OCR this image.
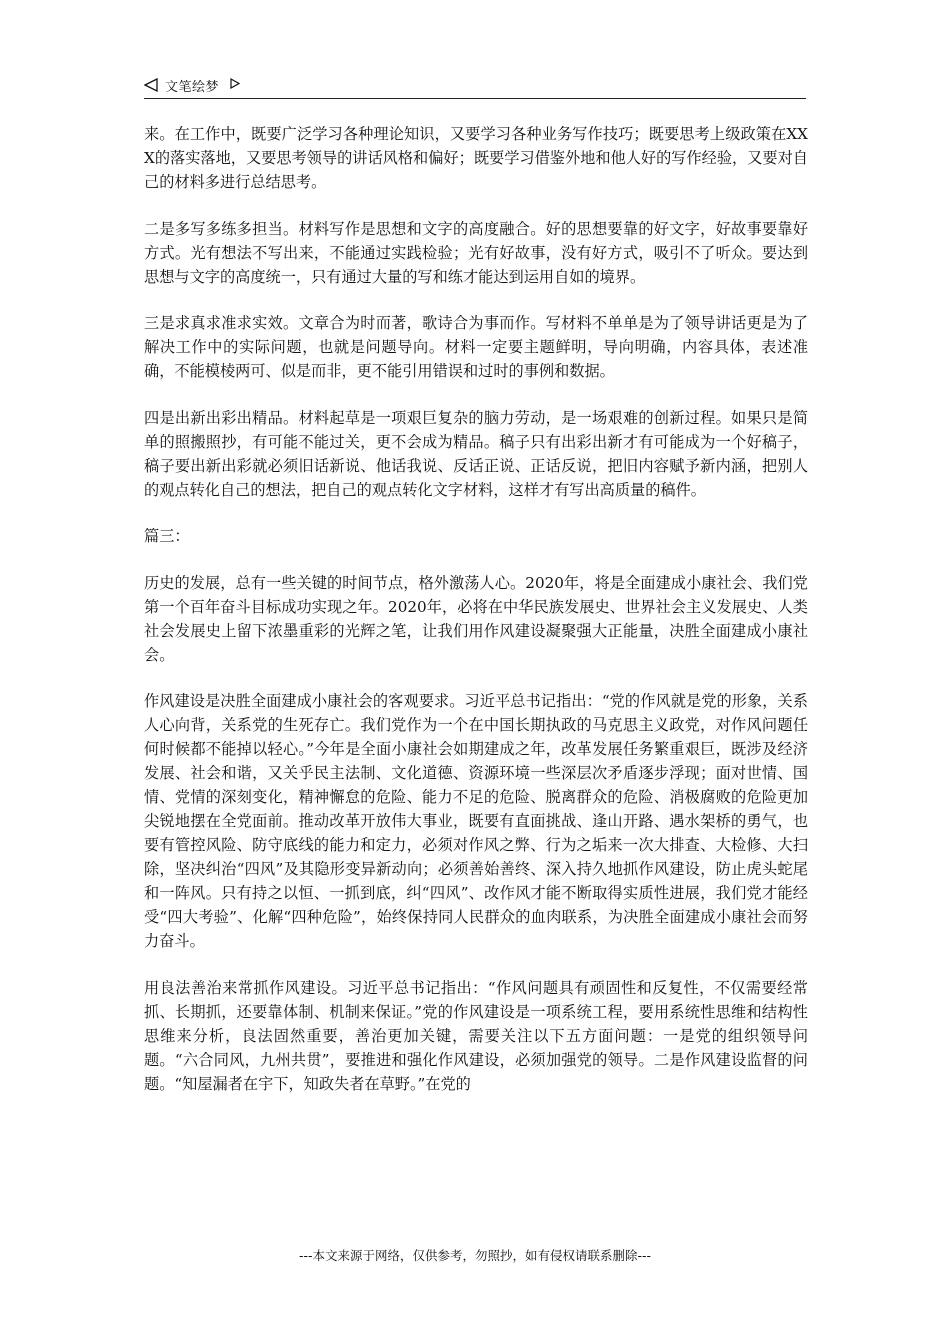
文笔绘梦

来。在工作中，既要广泛学习各种理论知识，又要学习各种业务写作技巧；既要思考上级政策在XXX的落实落地，又要思考领导的讲话风格和偏好；既要学习借鉴外地和他人好的写作经验，又要对自己的材料多进行总结思考。

二是多写多练多担当。材料写作是思想和文字的高度融合。好的思想要靠的好文字，好故事要靠好方式。光有想法不写出来，不能通过实践检验；光有好故事，没有好方式，吸引不了听众。要达到思想与文字的高度统一，只有通过大量的写和练才能达到运用自如的境界。

三是求真求准求实效。文章合为时而著，歌诗合为事而作。写材料不单单是为了领导讲话更是为了解决工作中的实际问题，也就是问题导向。材料一定要主题鲜明，导向明确，内容具体，表述准确，不能模棱两可、似是而非，更不能引用错误和过时的事例和数据。

四是出新出彩出精品。材料起草是一项艰巨复杂的脑力劳动，是一场艰难的创新过程。如果只是简单的照搬照抄，有可能不能过关，更不会成为精品。稿子只有出彩出新才有可能成为一个好稿子，稿子要出新出彩就必须旧话新说、他话我说、反话正说、正话反说，把旧内容赋予新内涵，把别人的观点转化自己的想法，把自己的观点转化文字材料，这样才有写出高质量的稿件。

篇三：

历史的发展，总有一些关键的时间节点，格外激荡人心。2020年，将是全面建成小康社会、我们党第一个百年奋斗目标成功实现之年。2020年，必将在中华民族发展史、世界社会主义发展史、人类社会发展史上留下浓墨重彩的光辉之笔，让我们用作风建设凝聚强大正能量，决胜全面建成小康社会。

作风建设是决胜全面建成小康社会的客观要求。习近平总书记指出：“党的作风就是党的形象，关系人心向背，关系党的生死存亡。我们党作为一个在中国长期执政的马克思主义政党，对作风问题任何时候都不能掉以轻心。”今年是全面小康社会如期建成之年，改革发展任务繁重艰巨，既涉及经济发展、社会和谐，又关乎民主法制、文化道德、资源环境一些深层次矛盾逐步浮现；面对世情、国情、党情的深刻变化，精神懈怠的危险、能力不足的危险、脱离群众的危险、消极腐败的危险更加尖锐地摆在全党面前。推动改革开放伟大事业，既要有直面挑战、逢山开路、遇水架桥的勇气，也要有管控风险、防守底线的能力和定力，必须对作风之弊、行为之垢来一次大排查、大检修、大扫除，坚决纠治“四风”及其隐形变异新动向；必须善始善终、深入持久地抓作风建设，防止虎头蛇尾和一阵风。只有持之以恒、一抓到底，纠“四风”、改作风才能不断取得实质性进展，我们党才能经受“四大考验”、化解“四种危险”，始终保持同人民群众的血肉联系，为决胜全面建成小康社会而努力奋斗。

用良法善治来常抓作风建设。习近平总书记指出：“作风问题具有顽固性和反复性，不仅需要经常抓、长期抓，还要靠体制、机制来保证。”党的作风建设是一项系统工程，要用系统性思维和结构性思维来分析，良法固然重要，善治更加关键，需要关注以下五方面问题：一是党的组织领导问题。“六合同风，九州共贯”，要推进和强化作风建设，必须加强党的领导。二是作风建设监督的问题。“知屋漏者在宇下，知政失者在草野。”在党的

---本文来源于网络，仅供参考，勿照抄，如有侵权请联系删除---
